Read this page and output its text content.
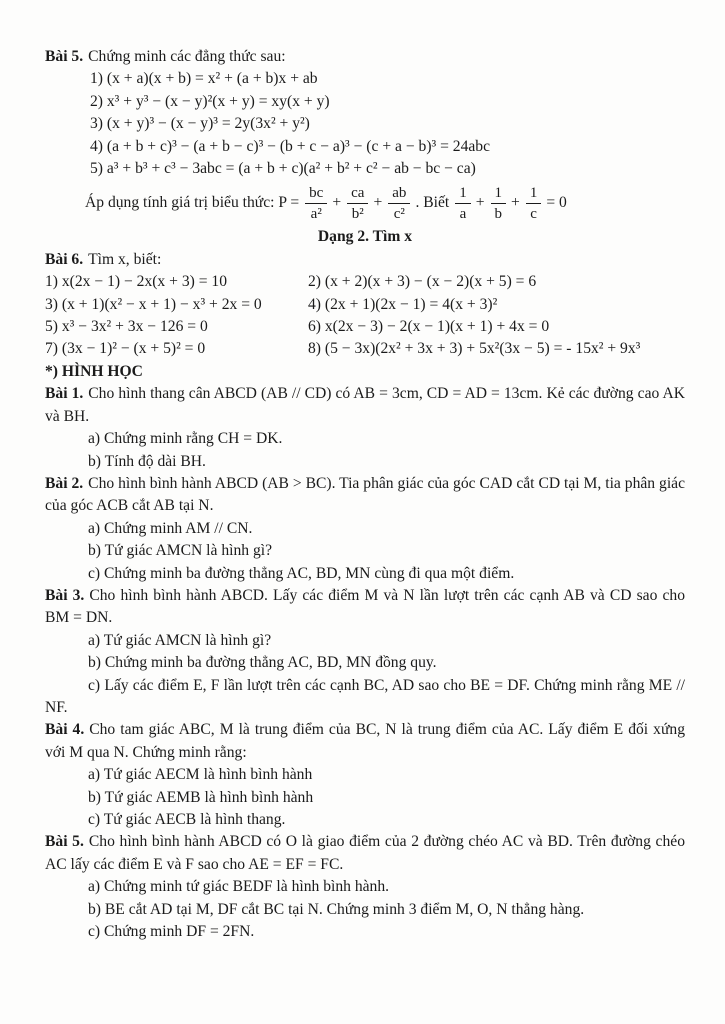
Bài 5. Chứng minh các đẳng thức sau:

1) (x + a)(x + b) = x² + (a + b)x + ab

2) x³ + y³ − (x − y)²(x + y) = xy(x + y)

3) (x + y)³ − (x − y)³ = 2y(3x² + y²)

4) (a + b + c)³ − (a + b − c)³ − (b + c − a)³ − (c + a − b)³ = 24abc

5) a³ + b³ + c³ − 3abc = (a + b + c)(a² + b² + c² − ab − bc − ca)

Áp dụng tính giá trị biểu thức: $P = \frac{bc}{\text{a²}} + \frac{ca}{\text{b²}} + \frac{ab}{\text{c²}}$ . Biết $\frac{1}{a} + \frac{1}{b} + \frac{1}{c} = 0$

Dạng 2. Tìm x

Bài 6. Tìm x, biết:

1) x(2x − 1) − 2x(x + 3) = 10	2) (x + 2)(x + 3) − (x − 2)(x + 5) = 6

3) (x + 1)(x² − x + 1) − x³ + 2x = 0	4) (2x + 1)(2x − 1) = 4(x + 3)²

5) x³ − 3x² + 3x − 126 = 0	6) x(2x − 3) − 2(x − 1)(x + 1) + 4x = 0

7) (3x − 1)² − (x + 5)² = 0	8) (5 − 3x)(2x² + 3x + 3) + 5x²(3x − 5) = - 15x² + 9x³

*) HÌNH HỌC

Bài 1. Cho hình thang cân ABCD (AB // CD) có AB = 3cm, CD = AD = 13cm. Kẻ các đường cao AK và BH.

a) Chứng minh rằng CH = DK.

b) Tính độ dài BH.

Bài 2. Cho hình bình hành ABCD (AB > BC). Tia phân giác của góc CAD cắt CD tại M, tia phân giác của góc ACB cắt AB tại N.

a) Chứng minh AM // CN.

b) Tứ giác AMCN là hình gì?

c) Chứng minh ba đường thẳng AC, BD, MN cùng đi qua một điểm.

Bài 3. Cho hình bình hành ABCD. Lấy các điểm M và N lần lượt trên các cạnh AB và CD sao cho BM = DN.

a) Tứ giác AMCN là hình gì?

b) Chứng minh ba đường thẳng AC, BD, MN đồng quy.

c) Lấy các điểm E, F lần lượt trên các cạnh BC, AD sao cho BE = DF. Chứng minh rằng ME // NF.

Bài 4. Cho tam giác ABC, M là trung điểm của BC, N là trung điểm của AC. Lấy điểm E đối xứng với M qua N. Chứng minh rằng:

a) Tứ giác AECM là hình bình hành

b) Tứ giác AEMB là hình bình hành

c) Tứ giác AECB là hình thang.

Bài 5. Cho hình bình hành ABCD có O là giao điểm của 2 đường chéo AC và BD. Trên đường chéo AC lấy các điểm E và F sao cho AE = EF = FC.

a) Chứng minh tứ giác BEDF là hình bình hành.

b) BE cắt AD tại M, DF cắt BC tại N. Chứng minh 3 điểm M, O, N thẳng hàng.

c) Chứng minh DF = 2FN.
